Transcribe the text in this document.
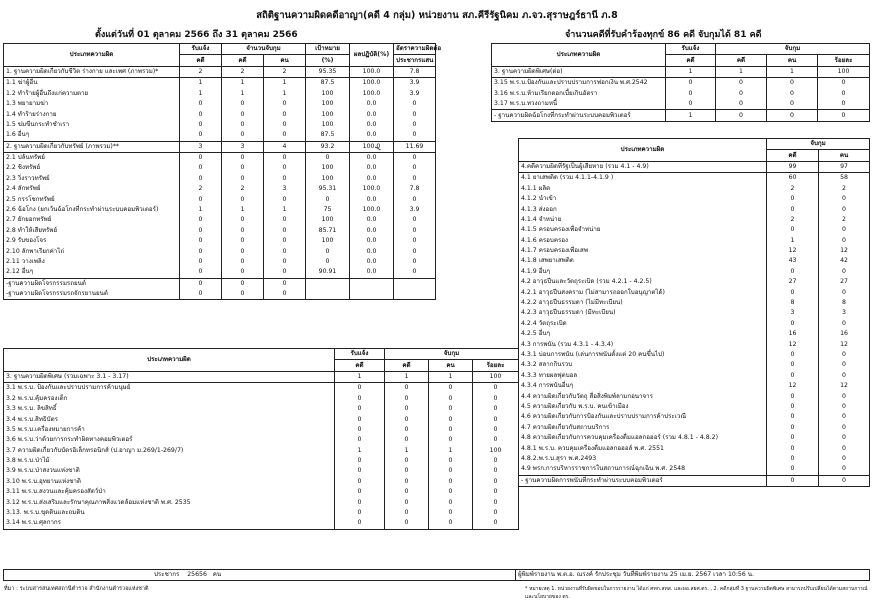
สถิติฐานความผิดคดีอาญา(คดี 4 กลุ่ม) หน่วยงาน สภ.คีรีรัฐนิคม ภ.จว.สุราษฎร์ธานี ภ.8
ตั้งแต่วันที่ 01 ตุลาคม 2566 ถึง 31 ตุลาคม 2566	จำนวนคดีที่รับคำร้องทุกข์ 86 คดี จับกุมได้ 81 คดี
ประเภทความผิด	รับแจ้ง	จำนวนจับกุม		เป้าหมาย	ผลปฏิบัติ(%)	อัตราความผิดต่อ
	คดี	คดี	คน	(%)		ประชากรแสน
1. ฐานความผิดเกี่ยวกับชีวิต ร่างกาย และเพศ (ภาพรวม)*	2	2	2	95.35	100.0	7.8
1.1 ฆ่าผู้อื่น	1	1	1	87.5	100.0	3.9
1.2 ทำร้ายผู้อื่นถึงแก่ความตาย	1	1	1	100	100.0	3.9
1.3 พยายามฆ่า	0	0	0	100	0.0	0
1.4 ทำร้ายร่างกาย	0	0	0	100	0.0	0
1.5 ข่มขืนกระทำชำเรา	0	0	0	100	0.0	0
1.6 อื่นๆ	0	0	0	87.5	0.0	0
2. ฐานความผิดเกี่ยวกับทรัพย์ (ภาพรวม)**	3	3	4	93.2	100.0	11.69
2.1 ปล้นทรัพย์	0	0	0	0	0.0	0
2.2 ชิงทรัพย์	0	0	0	100	0.0	0
2.3 วิ่งราวทรัพย์	0	0	0	100	0.0	0
2.4 ลักทรัพย์	2	2	3	95.31	100.0	7.8
2.5 กรรโชกทรัพย์	0	0	0	0	0.0	0
2.6 ฉ้อโกง (ยกเว้นฉ้อโกงที่กระทำผ่านระบบคอมพิวเตอร์)	1	1	1	75	100.0	3.9
2.7 ยักยอกทรัพย์	0	0	0	100	0.0	0
2.8 ทำให้เสียทรัพย์	0	0	0	85.71	0.0	0
2.9 รับของโจร	0	0	0	100	0.0	0
2.10 ลักพาเรียกค่าไถ่	0	0	0	0	0.0	0
2.11 วางเพลิง	0	0	0	0	0.0	0
2.12 อื่นๆ	0	0	0	90.91	0.0	0
-ฐานความผิดโจรกรรมรถยนต์	0	0	0			
-ฐานความผิดโจรกรรมรถจักรยานยนต์	0	0	0			
ประเภทความผิด	รับแจ้ง	จับกุม		
	คดี	คดี	คน	ร้อยละ
3. ฐานความผิดพิเศษ (รวมเฉพาะ 3.1 - 3.17)	1	1	1	100
3.1 พ.ร.บ. ป้องกันและปราบปรามการค้ามนุษย์	0	0	0	0
3.2 พ.ร.บ.คุ้มครองเด็ก	0	0	0	0
3.3 พ.ร.บ. ลิขสิทธิ์	0	0	0	0
3.4 พ.ร.บ.สิทธิบัตร	0	0	0	0
3.5 พ.ร.บ.เครื่องหมายการค้า	0	0	0	0
3.6 พ.ร.บ.ว่าด้วยการกระทำผิดทางคอมพิวเตอร์	0	0	0	0
3.7 ความผิดเกี่ยวกับบัตรอิเล็กทรอนิกส์ (ป.อาญา ม.269/1-269/7)	1	1	1	100
3.8 พ.ร.บ.ป่าไม้	0	0	0	0
3.9 พ.ร.บ.ป่าสงวนแห่งชาติ	0	0	0	0
3.10 พ.ร.บ.อุทยานแห่งชาติ	0	0	0	0
3.11 พ.ร.บ.สงวนและคุ้มครองสัตว์ป่า	0	0	0	0
3.12 พ.ร.บ.ส่งเสริมและรักษาคุณภาพสิ่งแวดล้อมแห่งชาติ พ.ศ. 2535	0	0	0	0
3.13. พ.ร.บ.ขุดดินและถมดิน	0	0	0	0
3.14 พ.ร.บ.ศุลกากร	0	0	0	0
ประเภทความผิด	รับแจ้ง	จับกุม		
	คดี	คดี	คน	ร้อยละ
3. ฐานความผิดพิเศษ(ต่อ)	1	1	1	100
3.15 พ.ร.บ.ป้องกันและปราบปรามการฟอกเงิน พ.ศ.2542	0	0	0	0
3.16 พ.ร.บ.ห้ามเรียกดอกเบี้ยเกินอัตรา	0	0	0	0
3.17 พ.ร.บ.ทวงถามหนี้	0	0	0	0
- ฐานความผิดฉ้อโกงที่กระทำผ่านระบบคอมพิวเตอร์	1	0	0	0
ประเภทความผิด	จับกุม	
	คดี	คน
4.คดีความผิดที่รัฐเป็นผู้เสียหาย (รวม 4.1 - 4.9)	99	97
4.1 ยาเสพติด (รวม 4.1.1-4.1.9 )	60	58
4.1.1 ผลิต	2	2
4.1.2 นำเข้า	0	0
4.1.3 ส่งออก	0	0
4.1.4 จำหน่าย	2	2
4.1.5 ครอบครองเพื่อจำหน่าย	0	0
4.1.6 ครอบครอง	1	0
4.1.7 ครอบครองเพื่อเสพ	12	12
4.1.8 เสพยาเสพติด	43	42
4.1.9 อื่นๆ	0	0
4.2 อาวุธปืนและวัตถุระเบิด (รวม 4.2.1 - 4.2.5)	27	27
4.2.1 อาวุธปืนสงคราม (ไม่สามารถออกใบอนุญาตได้)	0	0
4.2.2 อาวุธปืนธรรมดา (ไม่มีทะเบียน)	8	8
4.2.3 อาวุธปืนธรรมดา (มีทะเบียน)	3	3
4.2.4 วัตถุระเบิด	0	0
4.2.5 อื่นๆ	16	16
4.3 การพนัน (รวม 4.3.1 - 4.3.4)	12	12
4.3.1 บ่อนการพนัน (เล่นการพนันตั้งแต่ 20 คนขึ้นไป)	0	0
4.3.2 สลากกินรวบ	0	0
4.3.3 ทายผลฟุตบอล	0	0
4.3.4 การพนันอื่นๆ	12	12
4.4 ความผิดเกี่ยวกับวัตถุ สื่อสิ่งพิมพ์ลามกอนาจาร	0	0
4.5 ความผิดเกี่ยวกับ พ.ร.บ. คนเข้าเมือง	0	0
4.6 ความผิดเกี่ยวกับการป้องกันและปราบปรามการค้าประเวณี	0	0
4.7 ความผิดเกี่ยวกับสถานบริการ	0	0
4.8 ความผิดเกี่ยวกับการควบคุมเครื่องดื่มแอลกอฮอร์ (รวม 4.8.1 - 4.8.2)	0	0
4.8.1 พ.ร.บ. ควบคุมเครื่องดื่มแอลกอฮอล์ พ.ศ. 2551	0	0
4.8.2.พ.ร.บ.สุรา พ.ศ.2493	0	0
4.9 พรก.การบริหารราชการในสถานการณ์ฉุกเฉิน พ.ศ. 2548	0	0
- ฐานความผิดการพนันที่กระทำผ่านระบบคอมพิวเตอร์	0	0
ประชากร 25656 คน	ผู้พิมพ์รายงาน พ.ต.อ. ณรงค์ รักประชุม วันที่พิมพ์รายงาน 25 เม.ย. 2567 เวลา 10:56 น.
ที่มา : ระบบสารสนเทศสถานีตำรวจ สำนักงานตำรวจแห่งชาติ	* หมายเหตุ 1. หน่วยงานที่รับผิดชอบในการรายงาน ได้แก่ ศทก.สทส. และผอ.สยศ.ตร. , 2. คดีกลุ่มที่ 3 ฐานความผิดพิเศษ สามารถปรับเปลี่ยนได้ตามสถานการณ์และนโยบายของ ตร.
